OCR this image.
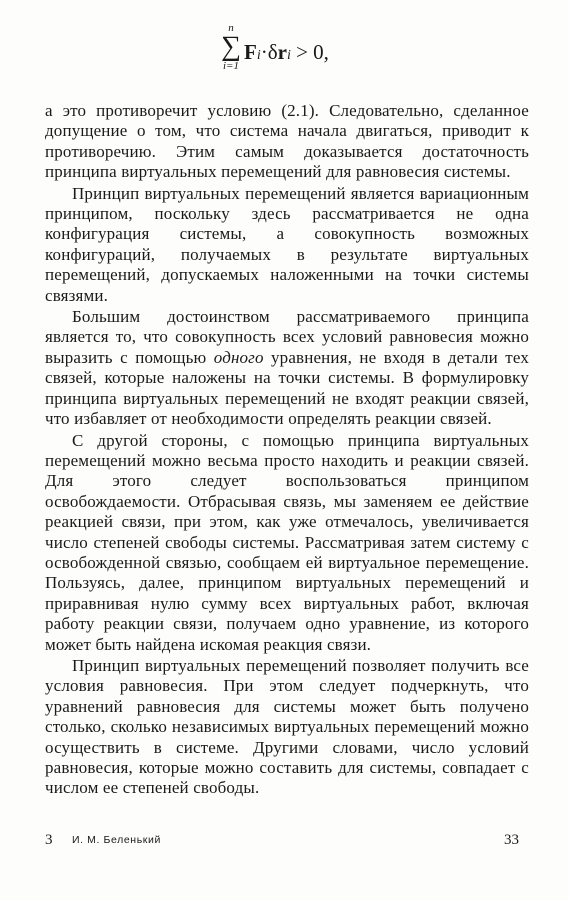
n
∑
i=1
Fi·δri > 0,

а это противоречит условию (2.1). Следовательно, сделанное допущение о том, что система начала двигаться, приводит к противоречию. Этим самым доказывается достаточность принципа виртуальных перемещений для равновесия системы.

Принцип виртуальных перемещений является вариационным принципом, поскольку здесь рассматривается не одна конфигурация системы, а совокупность возможных конфигураций, получаемых в результате виртуальных перемещений, допускаемых наложенными на точки системы связями.

Большим достоинством рассматриваемого принципа является то, что совокупность всех условий равновесия можно выразить с помощью одного уравнения, не входя в детали тех связей, которые наложены на точки системы. В формулировку принципа виртуальных перемещений не входят реакции связей, что избавляет от необходимости определять реакции связей.

С другой стороны, с помощью принципа виртуальных перемещений можно весьма просто находить и реакции связей. Для этого следует воспользоваться принципом освобождаемости. Отбрасывая связь, мы заменяем ее действие реакцией связи, при этом, как уже отмечалось, увеличивается число степеней свободы системы. Рассматривая затем систему с освобожденной связью, сообщаем ей виртуальное перемещение. Пользуясь, далее, принципом виртуальных перемещений и приравнивая нулю сумму всех виртуальных работ, включая работу реакции связи, получаем одно уравнение, из которого может быть найдена искомая реакция связи.

Принцип виртуальных перемещений позволяет получить все условия равновесия. При этом следует подчеркнуть, что уравнений равновесия для системы может быть получено столько, сколько независимых виртуальных перемещений можно осуществить в системе. Другими словами, число условий равновесия, которые можно составить для системы, совпадает с числом ее степеней свободы.

3 И. М. Беленький	33
